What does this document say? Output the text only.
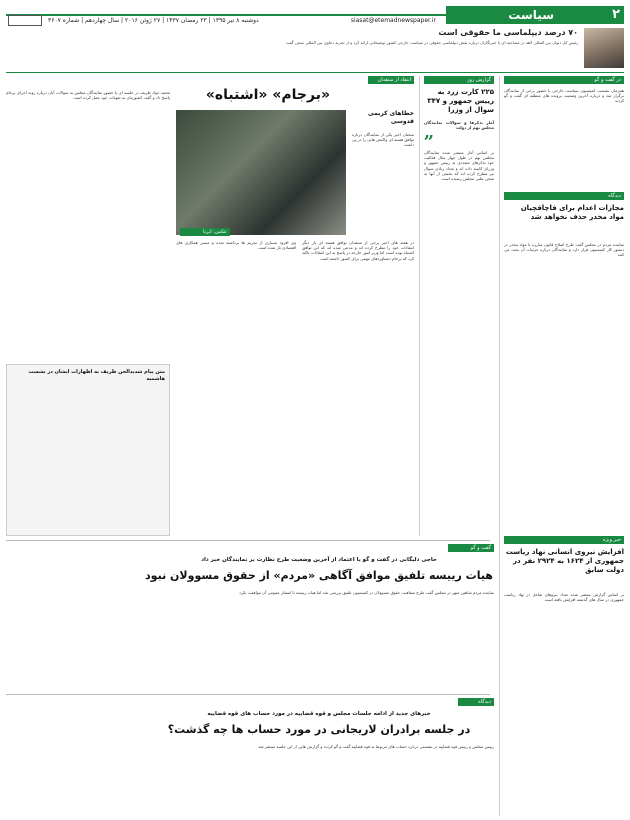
۲
سیاست
siasat@etemadnewspaper.ir
دوشنبه ۸ تیر ۱۳۹۵ | ۲۳ رمضان ۱۴۳۷ | ۲۷ ژوئن ۲۰۱۶ | سال چهاردهم | شماره ۳۶۰۷
۷۰ درصد دیپلماسی ما حقوقی است
رئیس کل دیوان بین المللی لاهه در مصاحبه ای با خبرنگاران درباره نقش دیپلماسی حقوقی در سیاست خارجی کشور توضیحاتی ارائه کرد و از تجربه دعاوی بین المللی سخن گفت
در گفت و گو
همزمان نشست کمیسیون سیاست خارجی با حضور برخی از نمایندگان برگزار شد و درباره آخرین وضعیت پرونده های منطقه ای گفت و گو کردند
دیدگاه
مجازات اعدام برای قاچاقچیان مواد مخدر حذف نخواهد شد
نماینده مردم در مجلس گفت طرح اصلاح قانون مبارزه با مواد مخدر در دستور کار کمیسیون قرار دارد و نمایندگان درباره جزئیات آن بحث می کنند
خبر ویژه
افزایش نیروی انسانی نهاد ریاست جمهوری از ۱۶۲۴ به ۲۹۲۴ نفر در دولت سابق
بر اساس گزارش منتشر شده تعداد نیروهای شاغل در نهاد ریاست جمهوری در سال های گذشته افزایش یافته است
گزارش روز
۲۲۵ کارت زرد به رییس جمهور و ۳۴۷ سوال از وزرا
آمار تذکرها و سوالات نمایندگان مجلس نهم از دولت
”
بر اساس آمار منتشر شده نمایندگان مجلس نهم در طول چهار سال فعالیت خود تذکرهای متعددی به رییس جمهور و وزرای کابینه داده اند و تعداد زیادی سوال نیز مطرح کرده اند که بخشی از آنها به صحن علنی مجلس رسیده است
انتقاد از منتقدان
«برجام» «اشتباه»
خطاهای کریمی قدوسی
سخنان اخیر یکی از نمایندگان درباره توافق هسته ای واکنش هایی را در پی داشت
عکس: ایرنا
در هفته های اخیر برخی از منتقدان توافق هسته ای بار دیگر انتقادات خود را مطرح کرده اند و مدعی شده اند که این توافق اشتباه بوده است اما وزیر امور خارجه در پاسخ به این انتقادات تاکید کرد که برجام دستاوردهای مهمی برای کشور داشته است
وی افزود بسیاری از تحریم ها برداشته شده و مسیر همکاری های اقتصادی باز شده است
محمد جواد ظریف در جلسه ای با حضور نمایندگان مجلس به سوالات آنان درباره روند اجرای برجام پاسخ داد و گفت کشورمان به تعهدات خود عمل کرده است
متن پیام شدیدالحن ظریف به اظهارات ایشان در نشست هاشمیه
گفت و گو
حاجی دلیگانی در گفت و گو با اعتماد از آخرین وضعیت طرح نظارت بر نمایندگان خبر داد
هیات رییسه تلفیق موافق آگاهی «مردم» از حقوق مسوولان نبود
نماینده مردم شاهین شهر در مجلس گفت طرح شفافیت حقوق مسوولان در کمیسیون تلفیق بررسی شد اما هیات رییسه با انتشار عمومی آن موافقت نکرد
دیدگاه
خبرهای جدید از ادامه جلسات مجلس و قوه قضاییه در مورد حساب های قوه قضاییه
در جلسه برادران لاریجانی در مورد حساب ها چه گذشت؟
رییس مجلس و رییس قوه قضاییه در نشستی درباره حساب های مربوط به قوه قضاییه گفت و گو کردند و گزارش هایی از این جلسه منتشر شد
